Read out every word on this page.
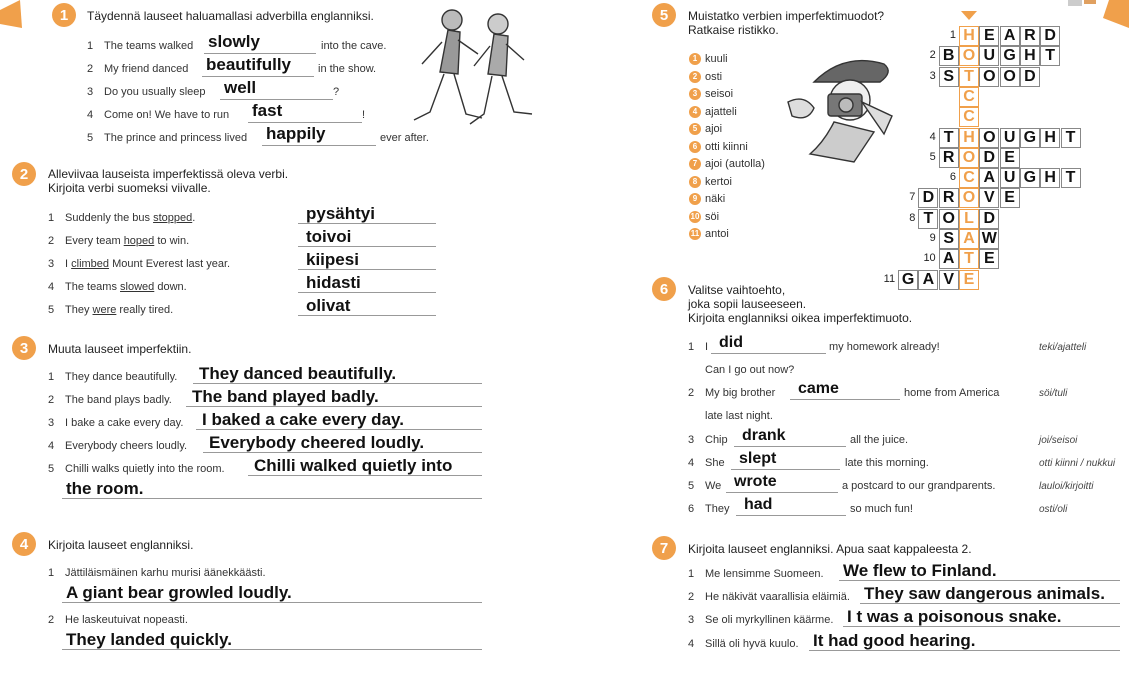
1	Täydennä lauseet haluamallasi adverbilla englanniksi.
1 The teams walked slowly	into the cave.
2 My friend danced beautifully in the show.
3 Do you usually sleep well	?
4 Come on! We have to run fast	!
5 The prince and princess lived happily	ever after.
2	Alleviivaa lauseista imperfektissä oleva verbi.
Kirjoita verbi suomeksi viivalle.
1 Suddenly the bus stopped.	pysähtyi
2 Every team hoped to win.	toivoi
3 I climbed Mount Everest last year.	kiipesi
4 The teams slowed down.	hidasti
5 They were really tired.	olivat
3	Muuta lauseet imperfektiin.
1 They dance beautifully. They danced beautifully.
2 The band plays badly. The band played badly.
3 I bake a cake every day. I baked a cake every day.
4 Everybody cheers loudly. Everybody cheered loudly.
5 Chilli walks quietly into the room. Chilli walked quietly into
the room.
4	Kirjoita lauseet englanniksi.
1 Jättiläismäinen karhu murisi äänekkäästi.
A giant bear growled loudly.
2 He laskeutuivat nopeasti.
They landed quickly.
5	Muistatko verbien imperfektimuodot?
Ratkaise ristikko.
1 kuuli
2 osti
3 seisoi
4 ajatteli
5 ajoi
6 otti kiinni
7 ajoi (autolla)
8 kertoi
9 näki
10 söi
11 antoi
1 H E A R D
2 B O U G H T
3 S T O O D
C
C
4 T H O U G H T
5 R O D E
6 C A U G H T
7 D R O V E
8 T O L D
9 S A W
10 A T E
11 G A V E
6	Valitse vaihtoehto,
joka sopii lauseeseen.
Kirjoita englanniksi oikea imperfektimuoto.
1 I did	my homework already!	teki/ajatteli
Can I go out now?
2 My big brother came	home from America	söi/tuli
late last night.
3 Chip drank	all the juice.	joi/seisoi
4 She slept	late this morning.	otti kiinni / nukkui
5 We wrote	a postcard to our grandparents.	lauloi/kirjoitti
6 They had	so much fun!	osti/oli
7	Kirjoita lauseet englanniksi. Apua saat kappaleesta 2.
1 Me lensimme Suomeen. We flew to Finland.
2 He näkivät vaarallisia eläimiä. They saw dangerous animals.
3 Se oli myrkyllinen käärme. I t was a poisonous snake.
4 Sillä oli hyvä kuulo. It had good hearing.
